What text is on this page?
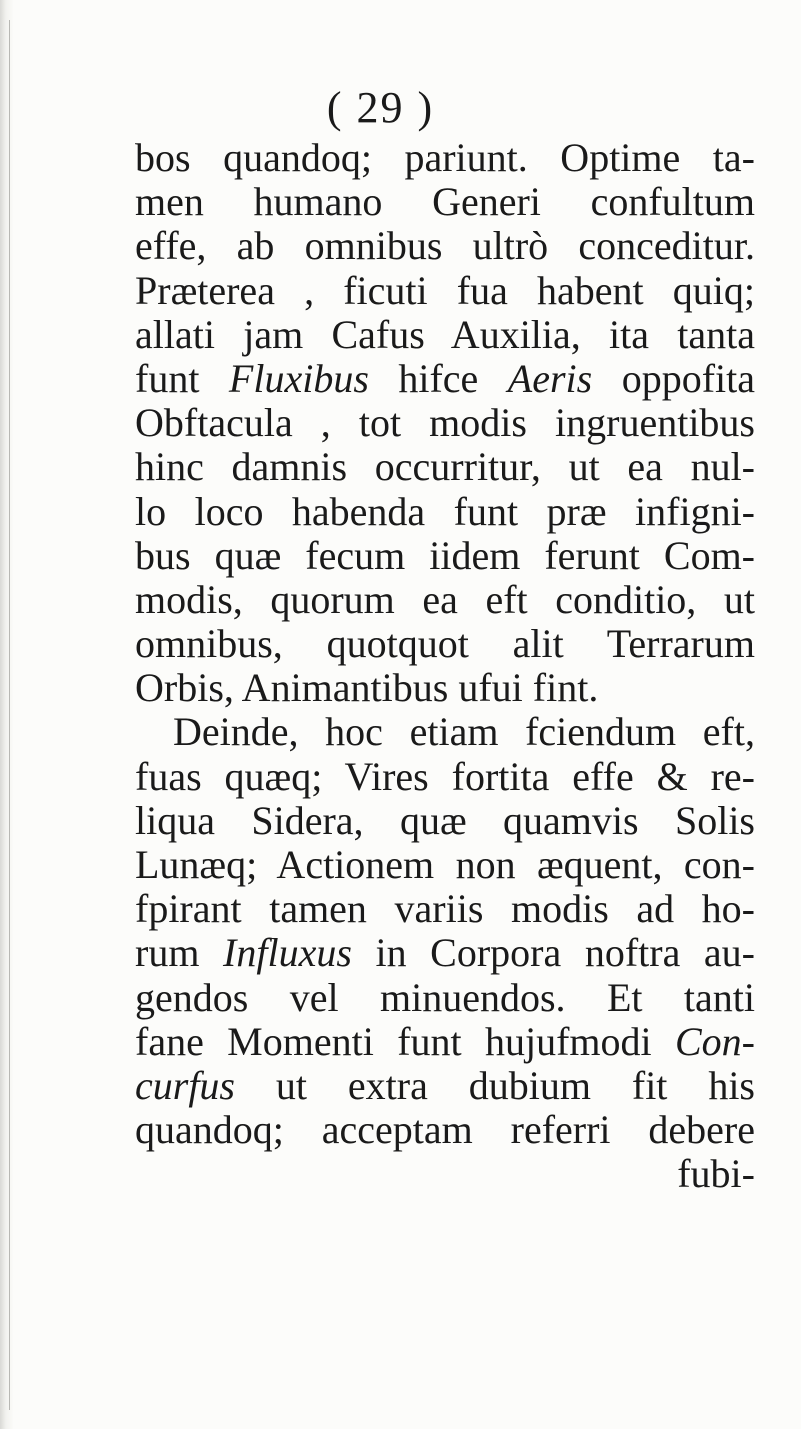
( 29 )
bos quandoq; pariunt. Optime ta-
men humano Generi confultum
effe, ab omnibus ultrò conceditur.
Præterea , ficuti fua habent quiq;
allati jam Cafus Auxilia, ita tanta
funt Fluxibus hifce Aeris oppofita
Obftacula , tot modis ingruentibus
hinc damnis occurritur, ut ea nul-
lo loco habenda funt præ infigni-
bus quæ fecum iidem ferunt Com-
modis, quorum ea eft conditio, ut
omnibus, quotquot alit Terrarum
Orbis, Animantibus ufui fint.
Deinde, hoc etiam fciendum eft,
fuas quæq; Vires fortita effe & re-
liqua Sidera, quæ quamvis Solis
Lunæq; Actionem non æquent, con-
fpirant tamen variis modis ad ho-
rum Influxus in Corpora noftra au-
gendos vel minuendos. Et tanti
fane Momenti funt hujufmodi Con-
curfus ut extra dubium fit his
quandoq; acceptam referri debere
fubi-
